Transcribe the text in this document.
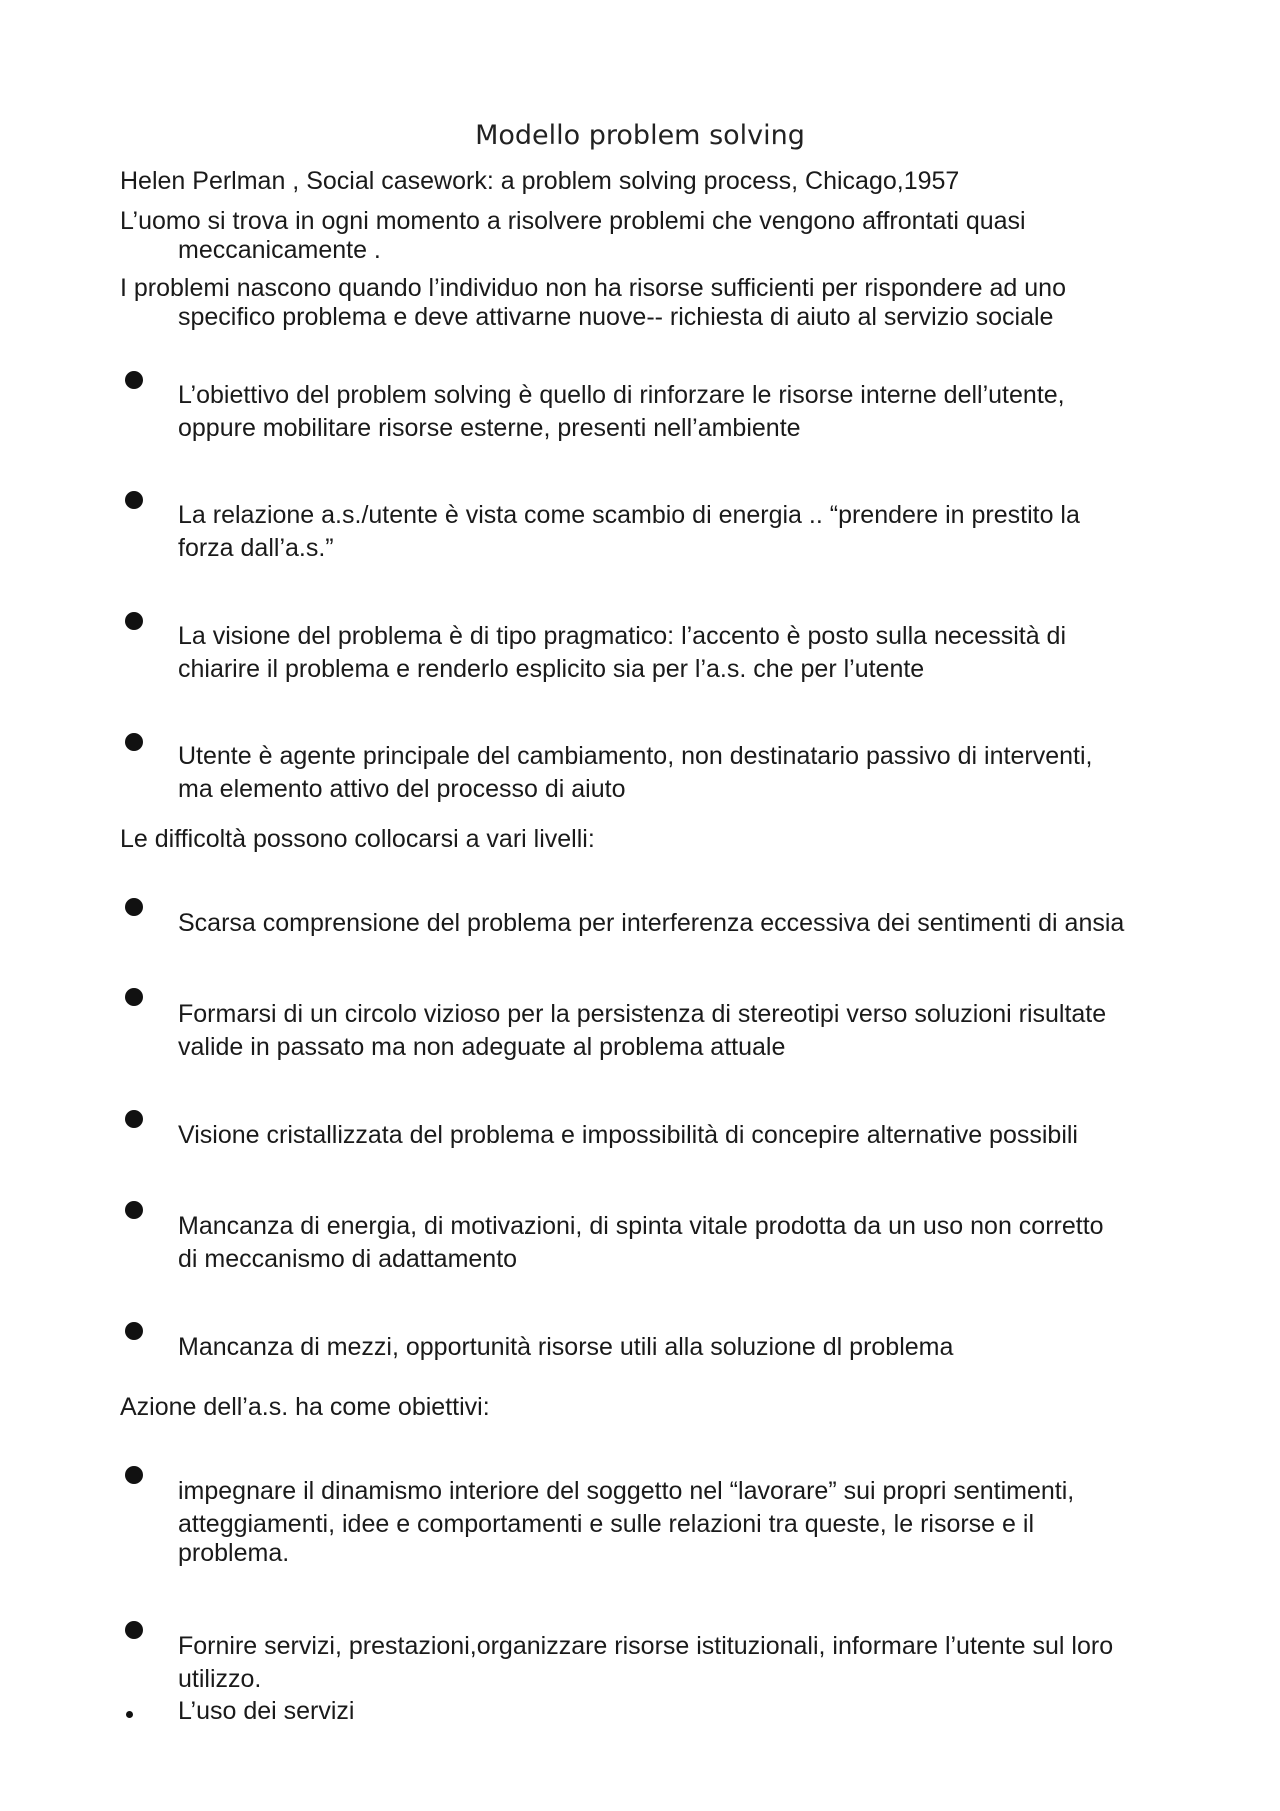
Modello problem solving
Helen Perlman , Social casework: a problem solving process, Chicago,1957
L’uomo si trova in ogni momento a risolvere problemi che vengono affrontati quasi
meccanicamente .
I problemi nascono quando l’individuo non ha risorse sufficienti per rispondere ad uno
specifico problema e deve attivarne nuove-- richiesta di aiuto al servizio sociale
L’obiettivo del problem solving è quello di rinforzare le risorse interne dell’utente,
oppure mobilitare risorse esterne, presenti nell’ambiente
La relazione a.s./utente è vista come scambio di energia .. “prendere in prestito la
forza dall’a.s.”
La visione del problema è di tipo pragmatico: l’accento è posto sulla necessità di
chiarire il problema e renderlo esplicito sia per l’a.s. che per l’utente
Utente è agente principale del cambiamento, non destinatario passivo di interventi,
ma elemento attivo del processo di aiuto
Le difficoltà possono collocarsi a vari livelli:
Scarsa comprensione del problema per interferenza eccessiva dei sentimenti di ansia
Formarsi di un circolo vizioso per la persistenza di stereotipi verso soluzioni risultate
valide in passato ma non adeguate al problema attuale
Visione cristallizzata del problema e impossibilità di concepire alternative possibili
Mancanza di energia, di motivazioni, di spinta vitale prodotta da un uso non corretto
di meccanismo di adattamento
Mancanza di mezzi, opportunità risorse utili alla soluzione dl problema
Azione dell’a.s. ha come obiettivi:
impegnare il dinamismo interiore del soggetto nel “lavorare” sui propri sentimenti,
atteggiamenti, idee e comportamenti e sulle relazioni tra queste, le risorse e il
problema.
Fornire servizi, prestazioni,organizzare risorse istituzionali, informare l’utente sul loro
utilizzo.
L’uso dei servizi
